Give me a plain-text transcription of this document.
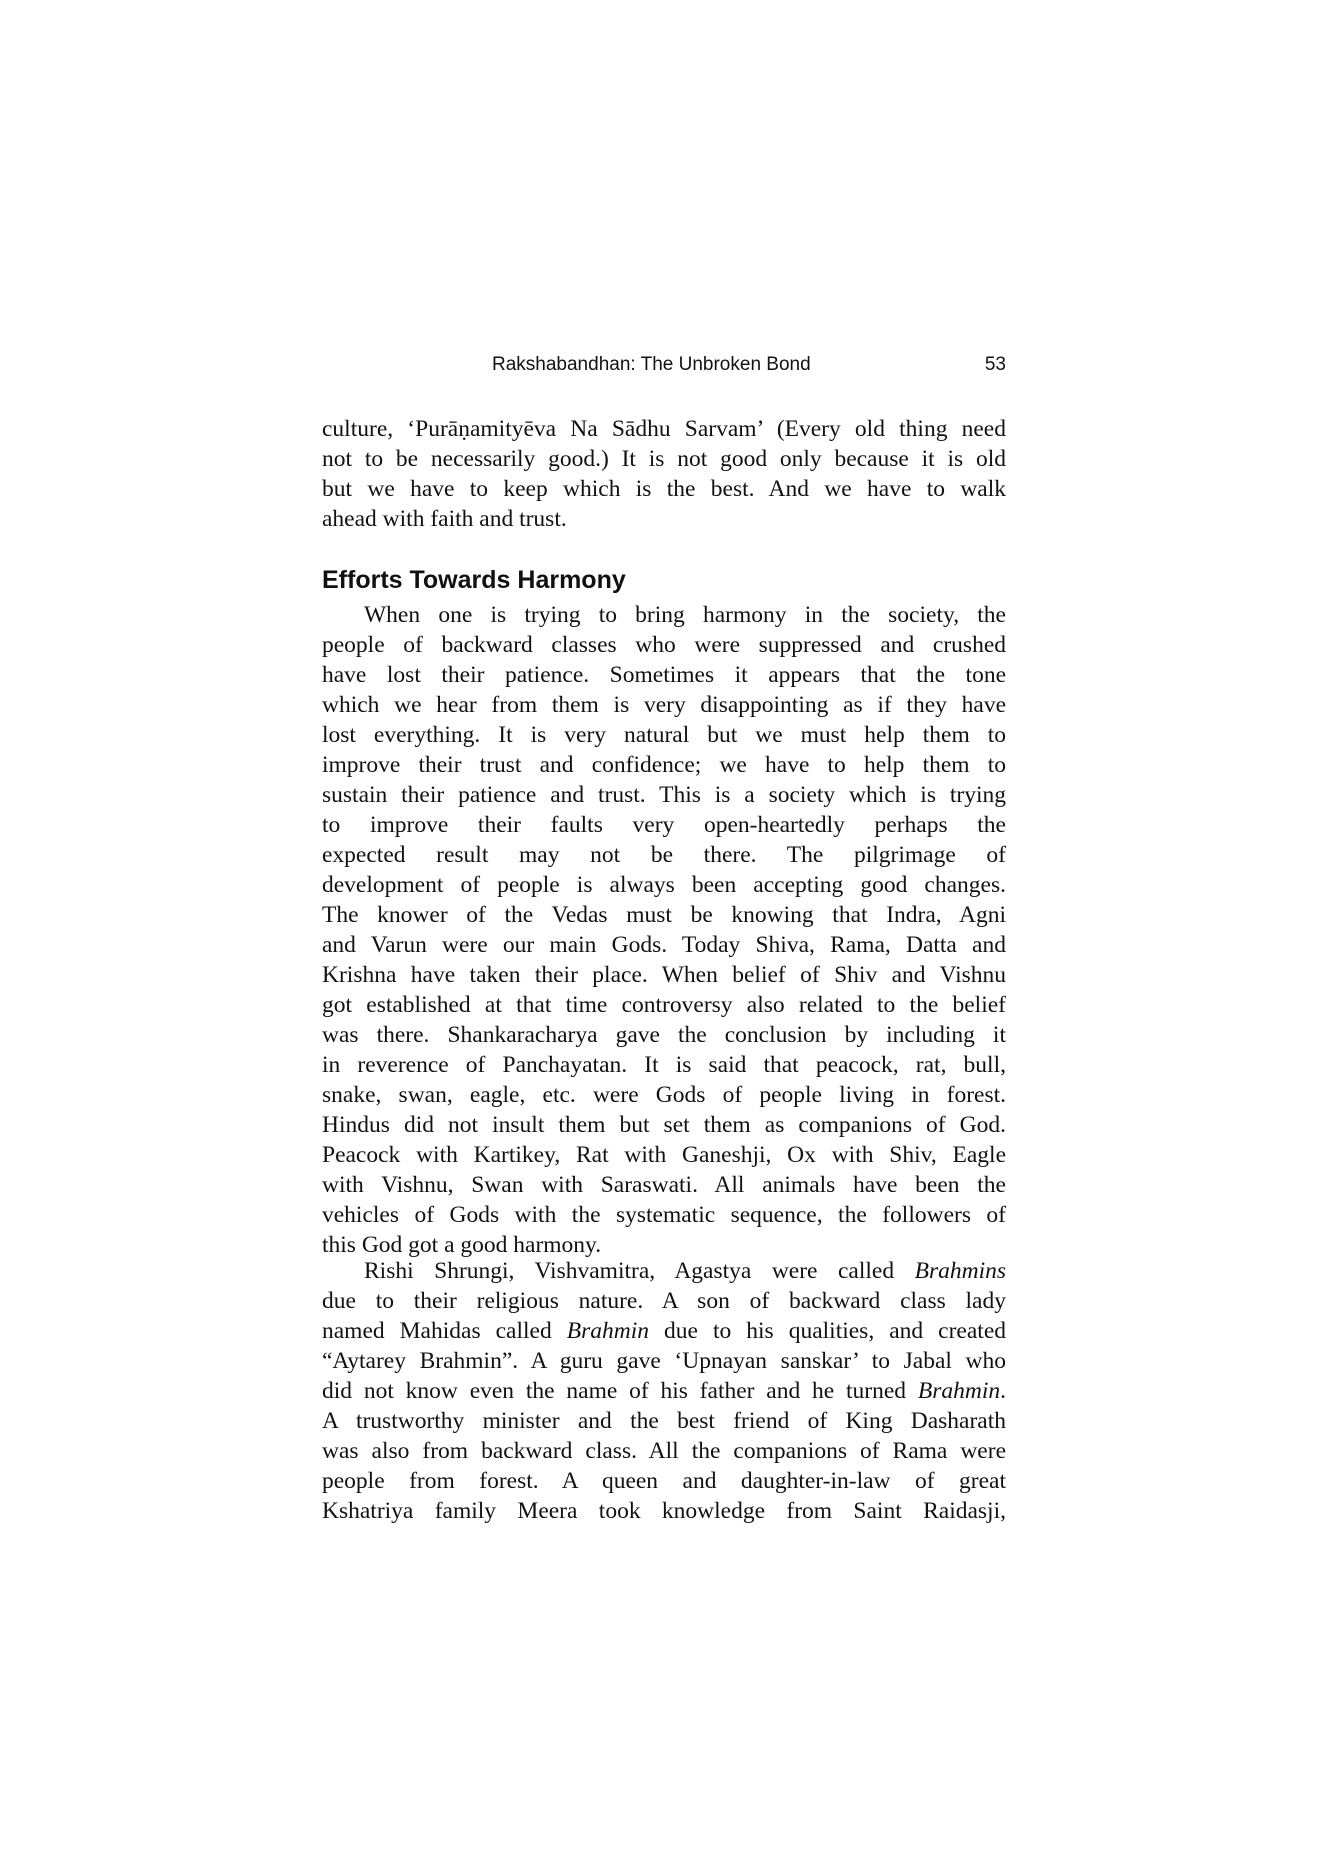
Rakshabandhan: The Unbroken Bond	53
culture, ‘Purāṇamityēva Na Sādhu Sarvam’ (Every old thing need
not to be necessarily good.) It is not good only because it is old
but we have to keep which is the best. And we have to walk
ahead with faith and trust.
Efforts Towards Harmony
When one is trying to bring harmony in the society, the
people of backward classes who were suppressed and crushed
have lost their patience. Sometimes it appears that the tone
which we hear from them is very disappointing as if they have
lost everything. It is very natural but we must help them to
improve their trust and confidence; we have to help them to
sustain their patience and trust. This is a society which is trying
to improve their faults very open-heartedly perhaps the
expected result may not be there. The pilgrimage of
development of people is always been accepting good changes.
The knower of the Vedas must be knowing that Indra, Agni
and Varun were our main Gods. Today Shiva, Rama, Datta and
Krishna have taken their place. When belief of Shiv and Vishnu
got established at that time controversy also related to the belief
was there. Shankaracharya gave the conclusion by including it
in reverence of Panchayatan. It is said that peacock, rat, bull,
snake, swan, eagle, etc. were Gods of people living in forest.
Hindus did not insult them but set them as companions of God.
Peacock with Kartikey, Rat with Ganeshji, Ox with Shiv, Eagle
with Vishnu, Swan with Saraswati. All animals have been the
vehicles of Gods with the systematic sequence, the followers of
this God got a good harmony.
Rishi Shrungi, Vishvamitra, Agastya were called Brahmins
due to their religious nature. A son of backward class lady
named Mahidas called Brahmin due to his qualities, and created
“Aytarey Brahmin”. A guru gave ‘Upnayan sanskar’ to Jabal who
did not know even the name of his father and he turned Brahmin.
A trustworthy minister and the best friend of King Dasharath
was also from backward class. All the companions of Rama were
people from forest. A queen and daughter-in-law of great
Kshatriya family Meera took knowledge from Saint Raidasji,
